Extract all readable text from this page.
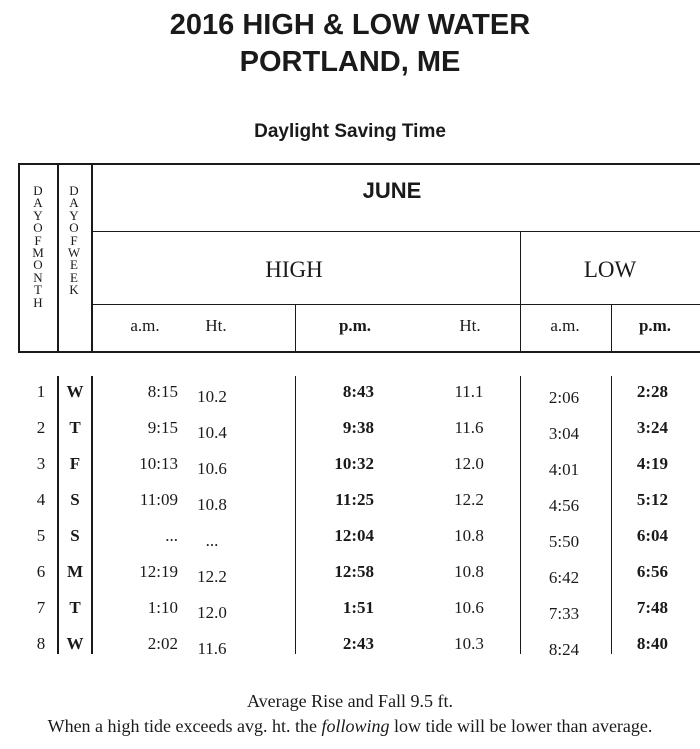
2016 HIGH & LOW WATER
PORTLAND, ME
Daylight Saving Time
DAYOFMONTH
DAYOFWEEK
JUNE
HIGH	LOW
a.m.	Ht.	p.m.	Ht.	a.m.	p.m.
1	W	8:15	10.2	8:43	11.1	2:06	2:28
2	T	9:15	10.4	9:38	11.6	3:04	3:24
3	F	10:13	10.6	10:32	12.0	4:01	4:19
4	S	11:09	10.8	11:25	12.2	4:56	5:12
5	S	...	...	12:04	10.8	5:50	6:04
6	M	12:19	12.2	12:58	10.8	6:42	6:56
7	T	1:10	12.0	1:51	10.6	7:33	7:48
8	W	2:02	11.6	2:43	10.3	8:24	8:40
Average Rise and Fall 9.5 ft.
When a high tide exceeds avg. ht. the following low tide will be lower than average.
